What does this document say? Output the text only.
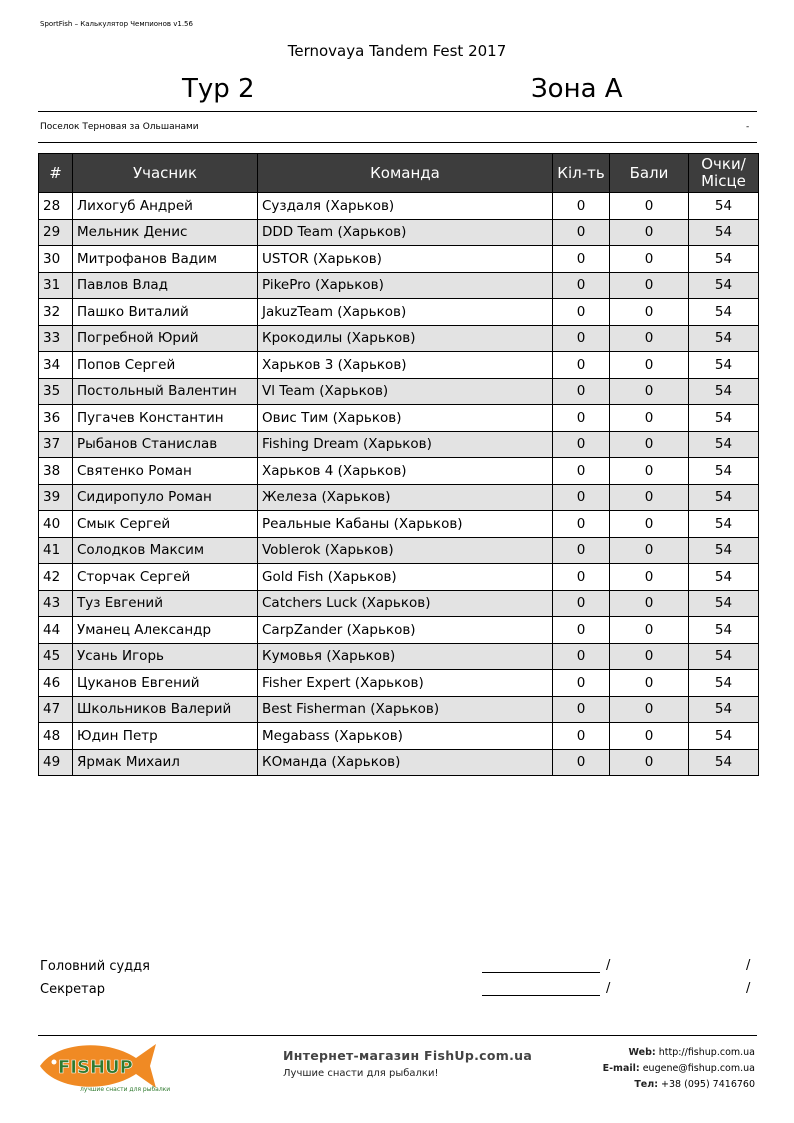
SportFish – Калькулятор Чемпионов v1.56
Ternovaya Tandem Fest 2017
Тур 2	Зона А
Поселок Терновая за Ольшанами	-
#	Учасник	Команда	Кіл-ть	Бали	Очки/ Місце
28	Лихогуб Андрей	Суздаля (Харьков)	0	0	54
29	Мельник Денис	DDD Team (Харьков)	0	0	54
30	Митрофанов Вадим	USTOR (Харьков)	0	0	54
31	Павлов Влад	PikePro (Харьков)	0	0	54
32	Пашко Виталий	JakuzTeam (Харьков)	0	0	54
33	Погребной Юрий	Крокодилы (Харьков)	0	0	54
34	Попов Сергей	Харьков 3 (Харьков)	0	0	54
35	Постольный Валентин	Vl Team (Харьков)	0	0	54
36	Пугачев Константин	Овис Тим (Харьков)	0	0	54
37	Рыбанов Станислав	Fishing Dream (Харьков)	0	0	54
38	Святенко Роман	Харьков 4 (Харьков)	0	0	54
39	Сидиропуло Роман	Железа (Харьков)	0	0	54
40	Смык Сергей	Реальные Кабаны (Харьков)	0	0	54
41	Солодков Максим	Voblerok (Харьков)	0	0	54
42	Сторчак Сергей	Gold Fish (Харьков)	0	0	54
43	Туз Евгений	Catchers Luck (Харьков)	0	0	54
44	Уманец Александр	CarpZander (Харьков)	0	0	54
45	Усань Игорь	Кумовья (Харьков)	0	0	54
46	Цуканов Евгений	Fisher Expert (Харьков)	0	0	54
47	Школьников Валерий	Best Fisherman (Харьков)	0	0	54
48	Юдин Петр	Megabass (Харьков)	0	0	54
49	Ярмак Михаил	КОманда (Харьков)	0	0	54
Головний суддя	/	/
Секретар	/	/
FISHUP
лучшие снасти для рыбалки
Интернет-магазин FishUp.com.ua
Лучшие снасти для рыбалки!
Web: http://fishup.com.ua
E-mail: eugene@fishup.com.ua
Тел: +38 (095) 7416760
